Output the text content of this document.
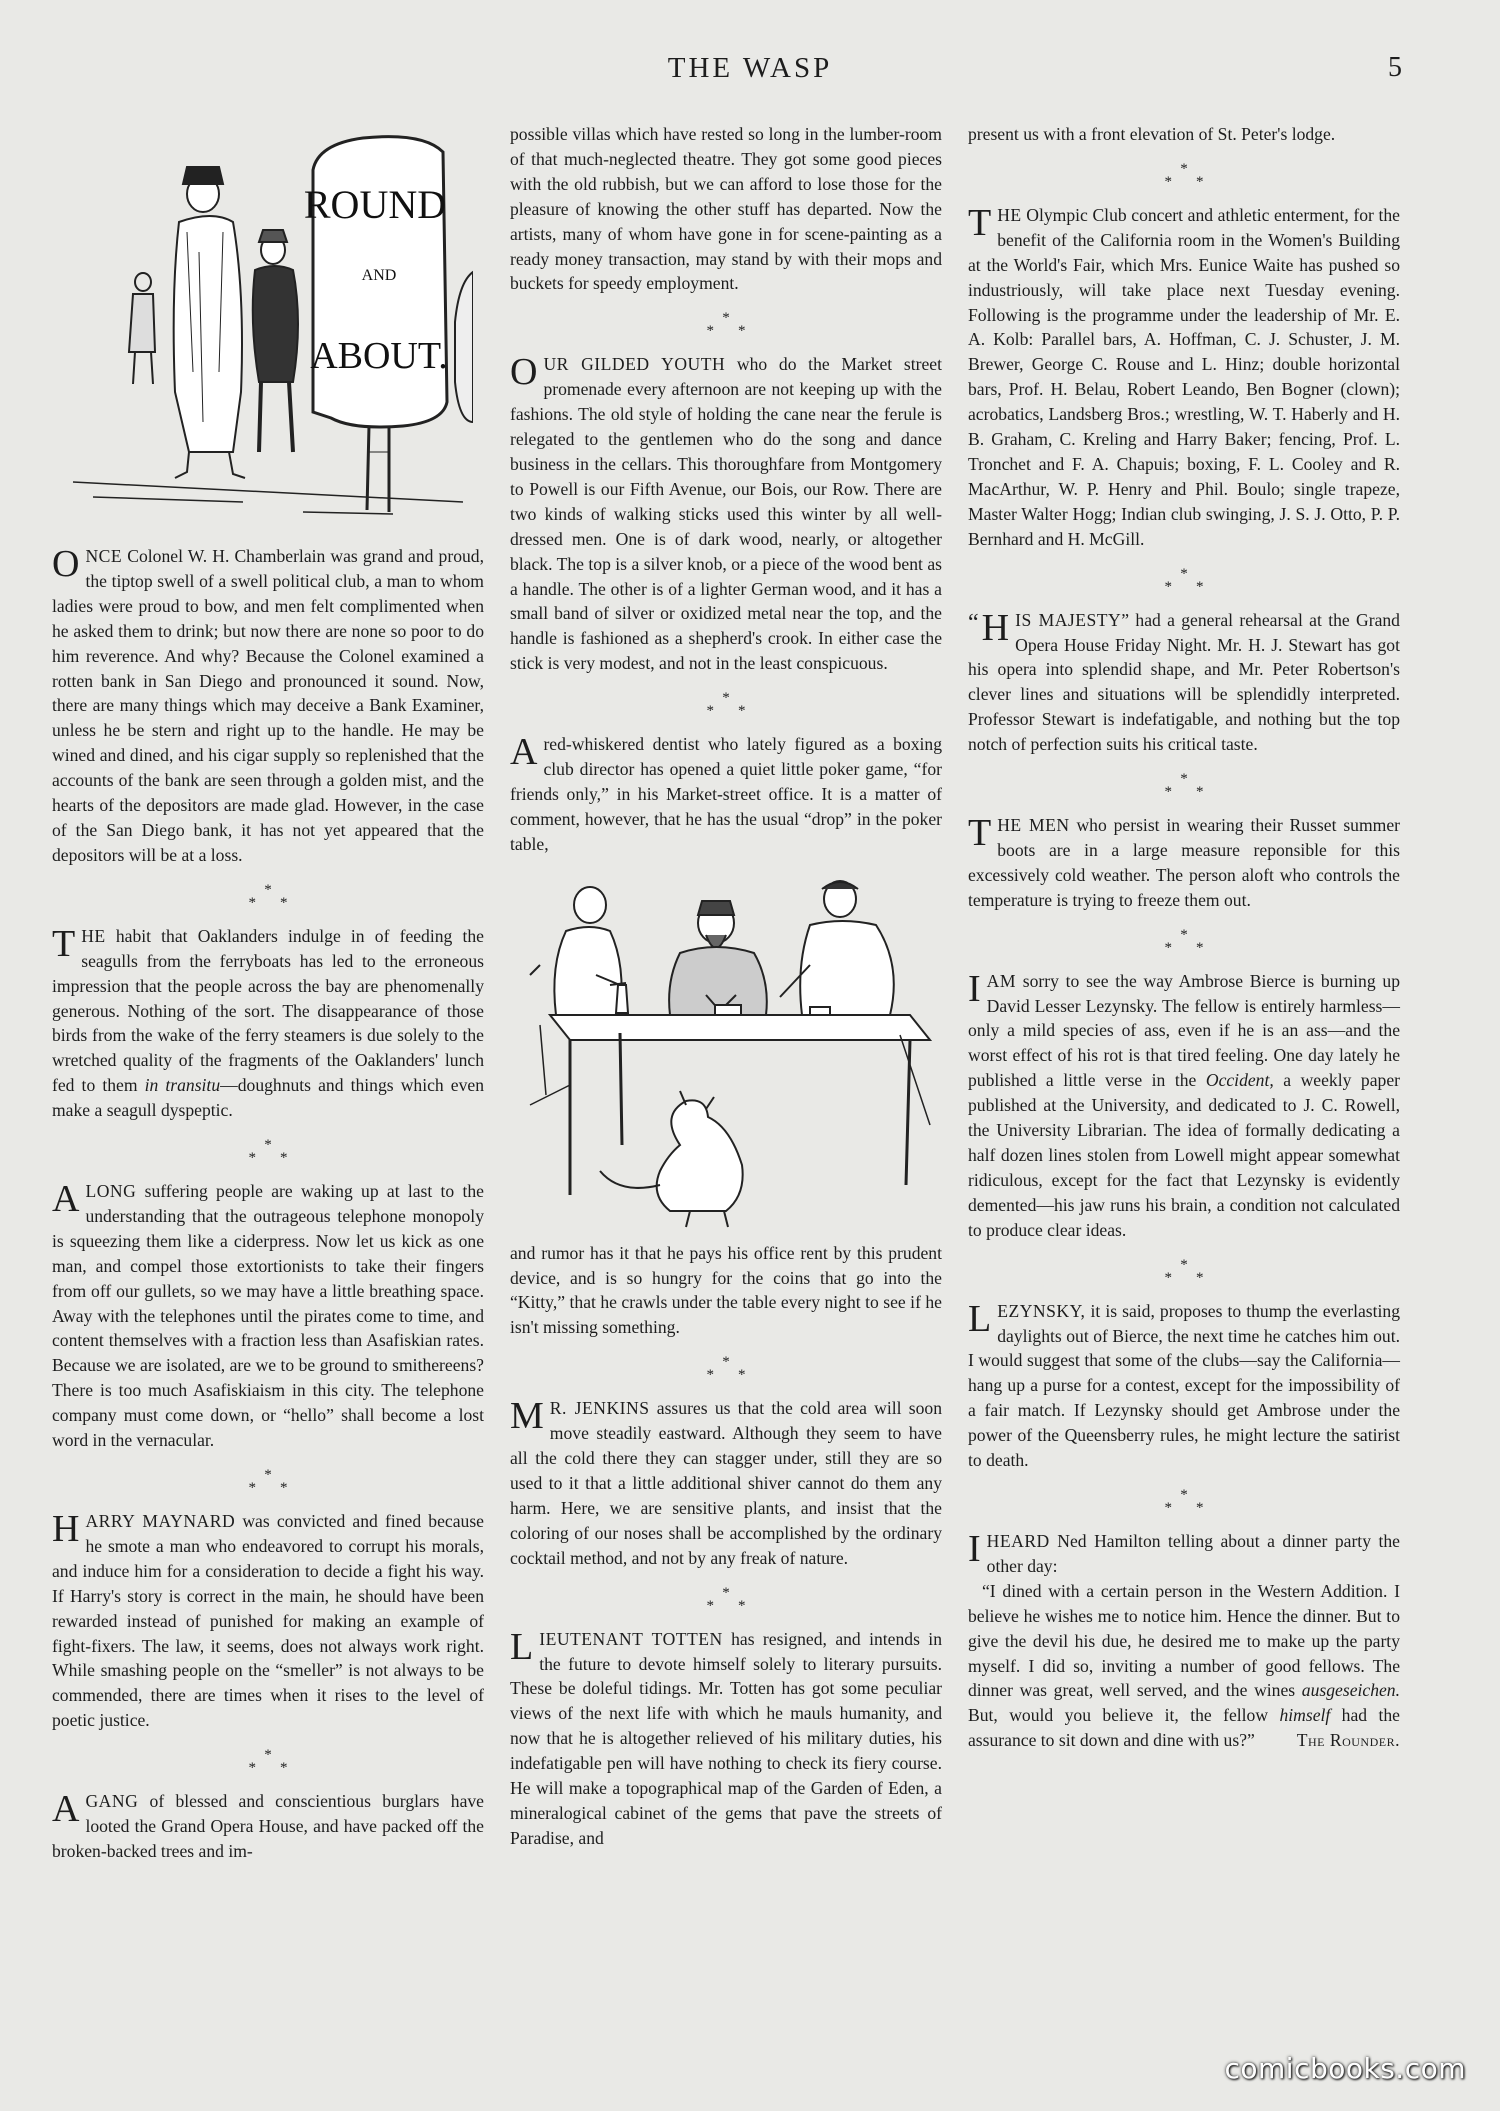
THE WASP	5
ROUND
AND
ABOUT.

ONCE Colonel W. H. Chamberlain was grand and proud, the tiptop swell of a swell political club, a man to whom ladies were proud to bow, and men felt complimented when he asked them to drink; but now there are none so poor to do him reverence. And why? Because the Colonel examined a rotten bank in San Diego and pronounced it sound. Now, there are many things which may deceive a Bank Examiner, unless he be stern and right up to the handle. He may be wined and dined, and his cigar supply so replenished that the accounts of the bank are seen through a golden mist, and the hearts of the depositors are made glad. However, in the case of the San Diego bank, it has not yet appeared that the depositors will be at a loss.

*
**

THE habit that Oaklanders indulge in of feeding the seagulls from the ferryboats has led to the erroneous impression that the people across the bay are phenomenally generous. Nothing of the sort. The disappearance of those birds from the wake of the ferry steamers is due solely to the wretched quality of the fragments of the Oaklanders' lunch fed to them in transitu—doughnuts and things which even make a seagull dyspeptic.

*
**

ALONG suffering people are waking up at last to the understanding that the outrageous telephone monopoly is squeezing them like a ciderpress. Now let us kick as one man, and compel those extortionists to take their fingers from off our gullets, so we may have a little breathing space. Away with the telephones until the pirates come to time, and content themselves with a fraction less than Asafiskian rates. Because we are isolated, are we to be ground to smithereens? There is too much Asafiskiaism in this city. The telephone company must come down, or “hello” shall become a lost word in the vernacular.

*
**

HARRY MAYNARD was convicted and fined because he smote a man who endeavored to corrupt his morals, and induce him for a consideration to decide a fight his way. If Harry's story is correct in the main, he should have been rewarded instead of punished for making an example of fight-fixers. The law, it seems, does not always work right. While smashing people on the “smeller” is not always to be commended, there are times when it rises to the level of poetic justice.

*
**

AGANG of blessed and conscientious burglars have looted the Grand Opera House, and have packed off the broken-backed trees and im-

possible villas which have rested so long in the lumber-room of that much-neglected theatre. They got some good pieces with the old rubbish, but we can afford to lose those for the pleasure of knowing the other stuff has departed. Now the artists, many of whom have gone in for scene-painting as a ready money transaction, may stand by with their mops and buckets for speedy employment.

*
**

OUR GILDED YOUTH who do the Market street promenade every afternoon are not keeping up with the fashions. The old style of holding the cane near the ferule is relegated to the gentlemen who do the song and dance business in the cellars. This thoroughfare from Montgomery to Powell is our Fifth Avenue, our Bois, our Row. There are two kinds of walking sticks used this winter by all well-dressed men. One is of dark wood, nearly, or altogether black. The top is a silver knob, or a piece of the wood bent as a handle. The other is of a lighter German wood, and it has a small band of silver or oxidized metal near the top, and the handle is fashioned as a shepherd's crook. In either case the stick is very modest, and not in the least conspicuous.

*
**

A red-whiskered dentist who lately figured as a boxing club director has opened a quiet little poker game, “for friends only,” in his Market-street office. It is a matter of comment, however, that he has the usual “drop” in the poker table,

and rumor has it that he pays his office rent by this prudent device, and is so hungry for the coins that go into the “Kitty,” that he crawls under the table every night to see if he isn't missing something.

*
**

M R. JENKINS assures us that the cold area will soon move steadily eastward. Although they seem to have all the cold there they can stagger under, still they are so used to it that a little additional shiver cannot do them any harm. Here, we are sensitive plants, and insist that the coloring of our noses shall be accomplished by the ordinary cocktail method, and not by any freak of nature.

*
**

LIEUTENANT TOTTEN has resigned, and intends in the future to devote himself solely to literary pursuits. These be doleful tidings. Mr. Totten has got some peculiar views of the next life with which he mauls humanity, and now that he is altogether relieved of his military duties, his indefatigable pen will have nothing to check its fiery course. He will make a topographical map of the Garden of Eden, a mineralogical cabinet of the gems that pave the streets of Paradise, and

present us with a front elevation of St. Peter's lodge.

*
**

THE Olympic Club concert and athletic enterment, for the benefit of the California room in the Women's Building at the World's Fair, which Mrs. Eunice Waite has pushed so industriously, will take place next Tuesday evening. Following is the programme under the leadership of Mr. E. A. Kolb: Parallel bars, A. Hoffman, C. J. Schuster, J. M. Brewer, George C. Rouse and L. Hinz; double horizontal bars, Prof. H. Belau, Robert Leando, Ben Bogner (clown); acrobatics, Landsberg Bros.; wrestling, W. T. Haberly and H. B. Graham, C. Kreling and Harry Baker; fencing, Prof. L. Tronchet and F. A. Chapuis; boxing, F. L. Cooley and R. MacArthur, W. P. Henry and Phil. Boulo; single trapeze, Master Walter Hogg; Indian club swinging, J. S. J. Otto, P. P. Bernhard and H. McGill.

*
**

“ H IS MAJESTY” had a general rehearsal at the Grand Opera House Friday Night. Mr. H. J. Stewart has got his opera into splendid shape, and Mr. Peter Robertson's clever lines and situations will be splendidly interpreted. Professor Stewart is indefatigable, and nothing but the top notch of perfection suits his critical taste.

*
**

THE MEN who persist in wearing their Russet summer boots are in a large measure reponsible for this excessively cold weather. The person aloft who controls the temperature is trying to freeze them out.

*
**

IAM sorry to see the way Ambrose Bierce is burning up David Lesser Lezynsky. The fellow is entirely harmless—only a mild species of ass, even if he is an ass—and the worst effect of his rot is that tired feeling. One day lately he published a little verse in the Occident, a weekly paper published at the University, and dedicated to J. C. Rowell, the University Librarian. The idea of formally dedicating a half dozen lines stolen from Lowell might appear somewhat ridiculous, except for the fact that Lezynsky is evidently demented—his jaw runs his brain, a condition not calculated to produce clear ideas.

*
**

LEZYNSKY, it is said, proposes to thump the everlasting daylights out of Bierce, the next time he catches him out. I would suggest that some of the clubs—say the California—hang up a purse for a contest, except for the impossibility of a fair match. If Lezynsky should get Ambrose under the power of the Queensberry rules, he might lecture the satirist to death.

*
**

IHEARD Ned Hamilton telling about a dinner party the other day:

“I dined with a certain person in the Western Addition. I believe he wishes me to notice him. Hence the dinner. But to give the devil his due, he desired me to make up the party myself. I did so, inviting a number of good fellows. The dinner was great, well served, and the wines ausgeseichen. But, would you believe it, the fellow himself had the assurance to sit down and dine with us?”	The Rounder.

comicbooks.com
